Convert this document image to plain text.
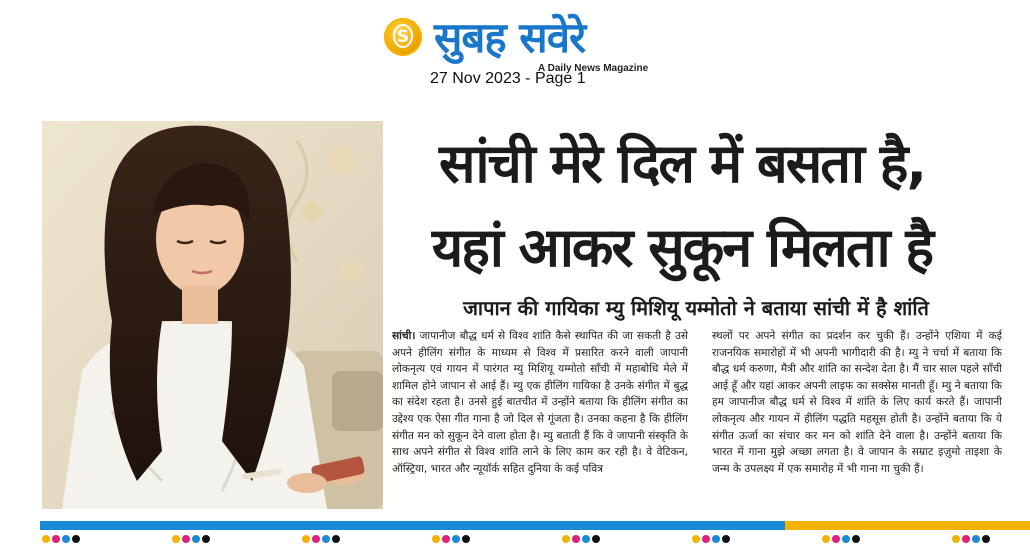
S सुबह सवेरे
A Daily News Magazine
27 Nov 2023 - Page 1
सांची मेरे दिल में बसता है,
यहां आकर सुकून मिलता है
जापान की गायिका म्यु मिशियू यम्मोतो ने बताया सांची में है शांति
सांची। जापानीज बौद्ध धर्म से विश्व शांति कैसे स्थापित की जा सकती है उसे अपने हीलिंग संगीत के माध्यम से विश्व में प्रसारित करने वाली जापानी लोकनृत्य एवं गायन में पारंगत म्यु मिशियू यम्मोतो साँची में महाबोधि मेले में शामिल होने जापान से आई हैं। म्यु एक हीलिंग गायिका है उनके संगीत में बुद्ध का संदेश रहता है। उनसे हुई बातचीत में उन्होंने बताया कि हीलिंग संगीत का उद्देश्य एक ऐसा गीत गाना है जो दिल से गूंजता है। उनका कहना है कि हीलिंग संगीत मन को सुकून देने वाला होता है। म्यु बताती हैं कि वे जापानी संस्कृति के साथ अपने संगीत से विश्व शांति लाने के लिए काम कर रही है। वे वेटिकन, ऑस्ट्रिया, भारत और न्यूयॉर्क सहित दुनिया के कई पवित्र
स्थलों पर अपने संगीत का प्रदर्शन कर चुकी हैं। उन्होंने एशिया में कई राजनयिक समारोहों में भी अपनी भागीदारी की है। म्यु ने चर्चा में बताया कि बौद्ध धर्म करुणा, मैत्री और शांति का सन्देश देता है। मैं चार साल पहले साँची आई हूँ और यहां आकर अपनी लाइफ का सक्सेस मानती हूँ। म्यु ने बताया कि हम जापानीज बौद्ध धर्म से विश्व में शांति के लिए कार्य करते हैं। जापानी लोकनृत्य और गायन में हीलिंग पद्धति महसूस होती है। उन्होंने बताया कि ये संगीत ऊर्जा का संचार कर मन को शांति देने वाला है। उन्होंने बताया कि भारत में गाना मुझे अच्छा लगता है। वे जापान के सम्राट इज़ुमो ताइशा के जन्म के उपलक्ष्य में एक समारोह में भी गाना गा चुकी हैं।
